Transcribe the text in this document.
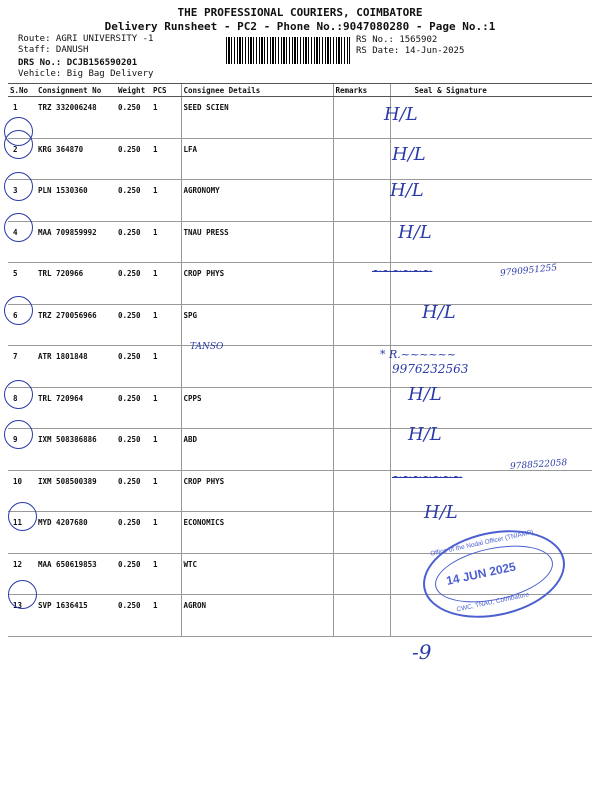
THE PROFESSIONAL COURIERS, COIMBATORE
Delivery Runsheet - PC2 - Phone No.:9047080280 - Page No.:1
Route: AGRI UNIVERSITY -1
Staff: DANUSH
DRS No.: DCJB156590201
Vehicle: Big Bag Delivery
RS No.: 1565902
RS Date: 14-Jun-2025
S.No	Consignment No	Weight	PCS	Consignee Details	Remarks	Seal & Signature
1	TRZ 332006248	0.250	1	SEED SCIEN		
2	KRG 364870	0.250	1	LFA		
3	PLN 1530360	0.250	1	AGRONOMY		
4	MAA 709859992	0.250	1	TNAU PRESS		
5	TRL 720966	0.250	1	CROP PHYS		
6	TRZ 270056966	0.250	1	SPG		
7	ATR 1801848	0.250	1			
8	TRL 720964	0.250	1	CPPS		
9	IXM 508386886	0.250	1	ABD		
10	IXM 508500389	0.250	1	CROP PHYS		
11	MYD 4207680	0.250	1	ECONOMICS		
12	MAA 650619853	0.250	1	WTC		
13	SVP 1636415	0.250	1	AGRON		
TANSO
H/L
H/L
H/L
H/L
H/L
H/L
H/L
H/L
~~~~~~	9790951255
~~~~~~~
9788522058
* R.~~~~~~
9976232563
Office of the Nodal Officer (TNIAMP)
14 JUN 2025
CWC, TNAU, Coimbatore
-9
